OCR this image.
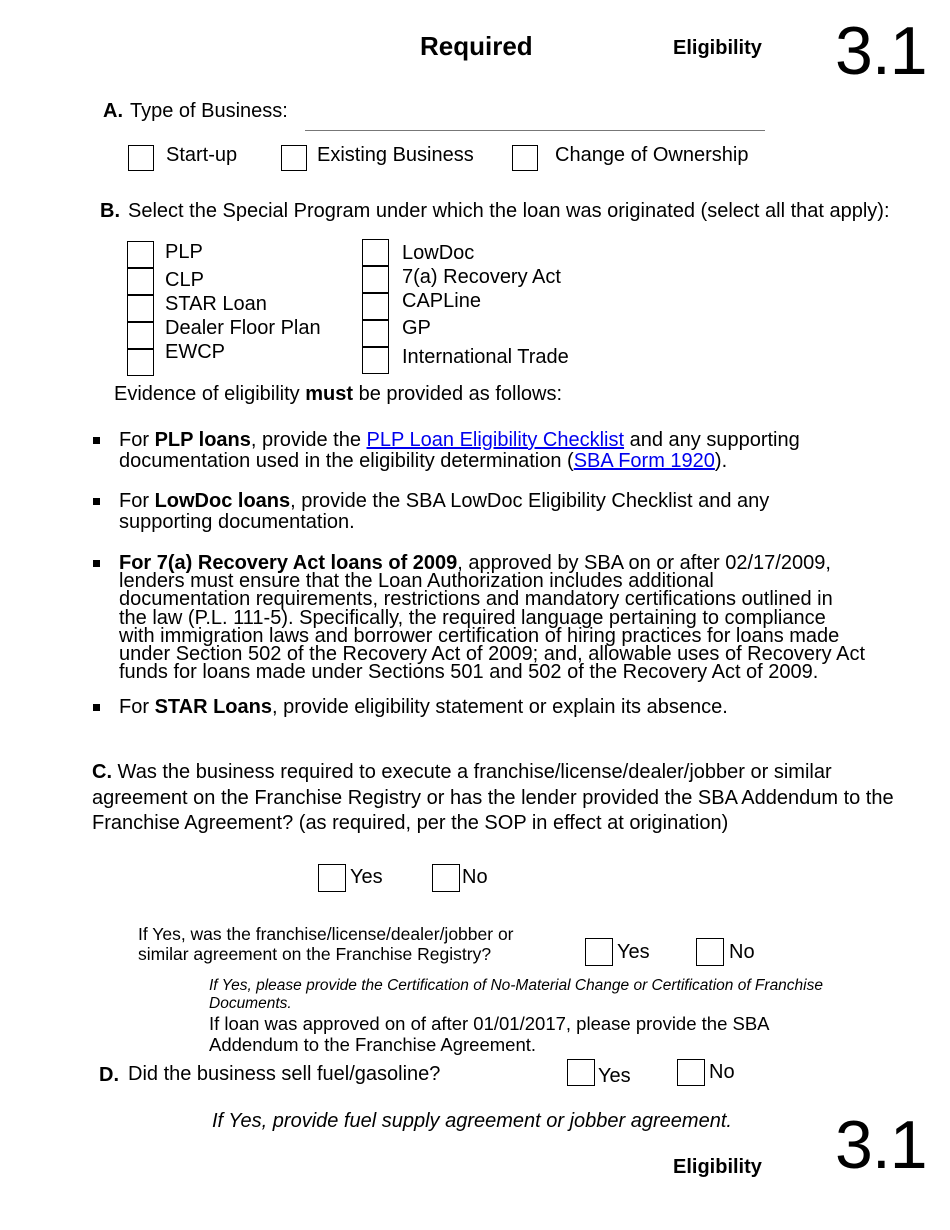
Required	Eligibility 3.1
A. Type of Business:
Start-up	Existing Business	Change of Ownership
B. Select the Special Program under which the loan was originated (select all that apply):
PLP
CLP
STAR Loan
Dealer Floor Plan
EWCP
LowDoc
7(a) Recovery Act
CAPLine
GP
International Trade
Evidence of eligibility must be provided as follows:
For PLP loans, provide the PLP Loan Eligibility Checklist and any supporting
documentation used in the eligibility determination (SBA Form 1920).
For LowDoc loans, provide the SBA LowDoc Eligibility Checklist and any
supporting documentation.
For 7(a) Recovery Act loans of 2009, approved by SBA on or after 02/17/2009,
lenders must ensure that the Loan Authorization includes additional
documentation requirements, restrictions and mandatory certifications outlined in
the law (P.L. 111-5). Specifically, the required language pertaining to compliance
with immigration laws and borrower certification of hiring practices for loans made
under Section 502 of the Recovery Act of 2009; and, allowable uses of Recovery Act
funds for loans made under Sections 501 and 502 of the Recovery Act of 2009.
For STAR Loans, provide eligibility statement or explain its absence.
C. Was the business required to execute a franchise/license/dealer/jobber or similar
agreement on the Franchise Registry or has the lender provided the SBA Addendum to the
Franchise Agreement? (as required, per the SOP in effect at origination)
Yes	No
If Yes, was the franchise/license/dealer/jobber or
similar agreement on the Franchise Registry?	Yes	No
If Yes, please provide the Certification of No-Material Change or Certification of Franchise
Documents.
If loan was approved on of after 01/01/2017, please provide the SBA
Addendum to the Franchise Agreement.
D. Did the business sell fuel/gasoline?	Yes	No
If Yes, provide fuel supply agreement or jobber agreement.
Eligibility 3.1
